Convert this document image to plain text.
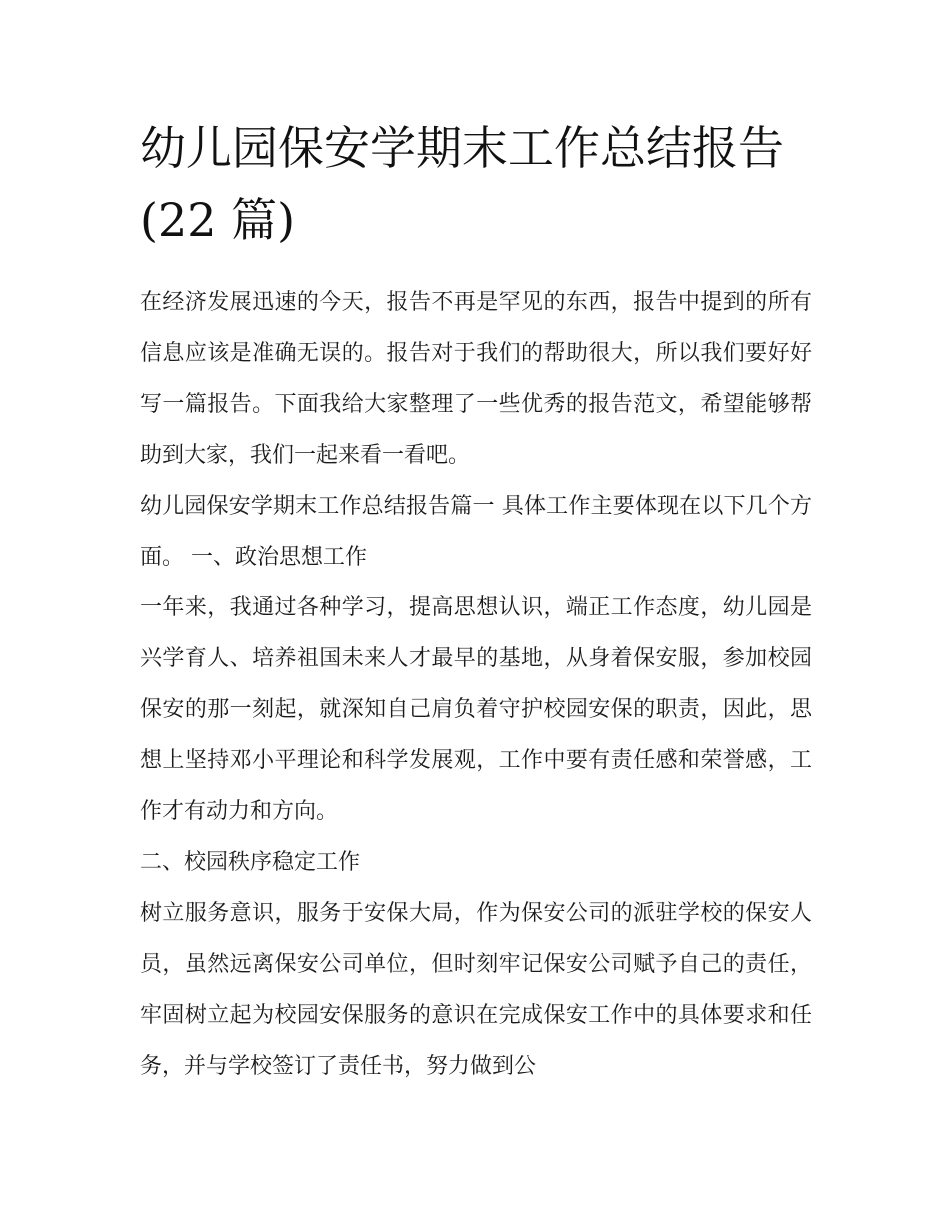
幼儿园保安学期末工作总结报告(22 篇)

在经济发展迅速的今天，报告不再是罕见的东西，报告中提到的所有信息应该是准确无误的。报告对于我们的帮助很大，所以我们要好好写一篇报告。下面我给大家整理了一些优秀的报告范文，希望能够帮助到大家，我们一起来看一看吧。

幼儿园保安学期末工作总结报告篇一 具体工作主要体现在以下几个方面。 一、政治思想工作

一年来，我通过各种学习，提高思想认识，端正工作态度，幼儿园是兴学育人、培养祖国未来人才最早的基地，从身着保安服，参加校园保安的那一刻起，就深知自己肩负着守护校园安保的职责，因此，思想上坚持邓小平理论和科学发展观，工作中要有责任感和荣誉感，工作才有动力和方向。

二、校园秩序稳定工作

树立服务意识，服务于安保大局，作为保安公司的派驻学校的保安人员，虽然远离保安公司单位，但时刻牢记保安公司赋予自己的责任，牢固树立起为校园安保服务的意识在完成保安工作中的具体要求和任务，并与学校签订了责任书，努力做到公
